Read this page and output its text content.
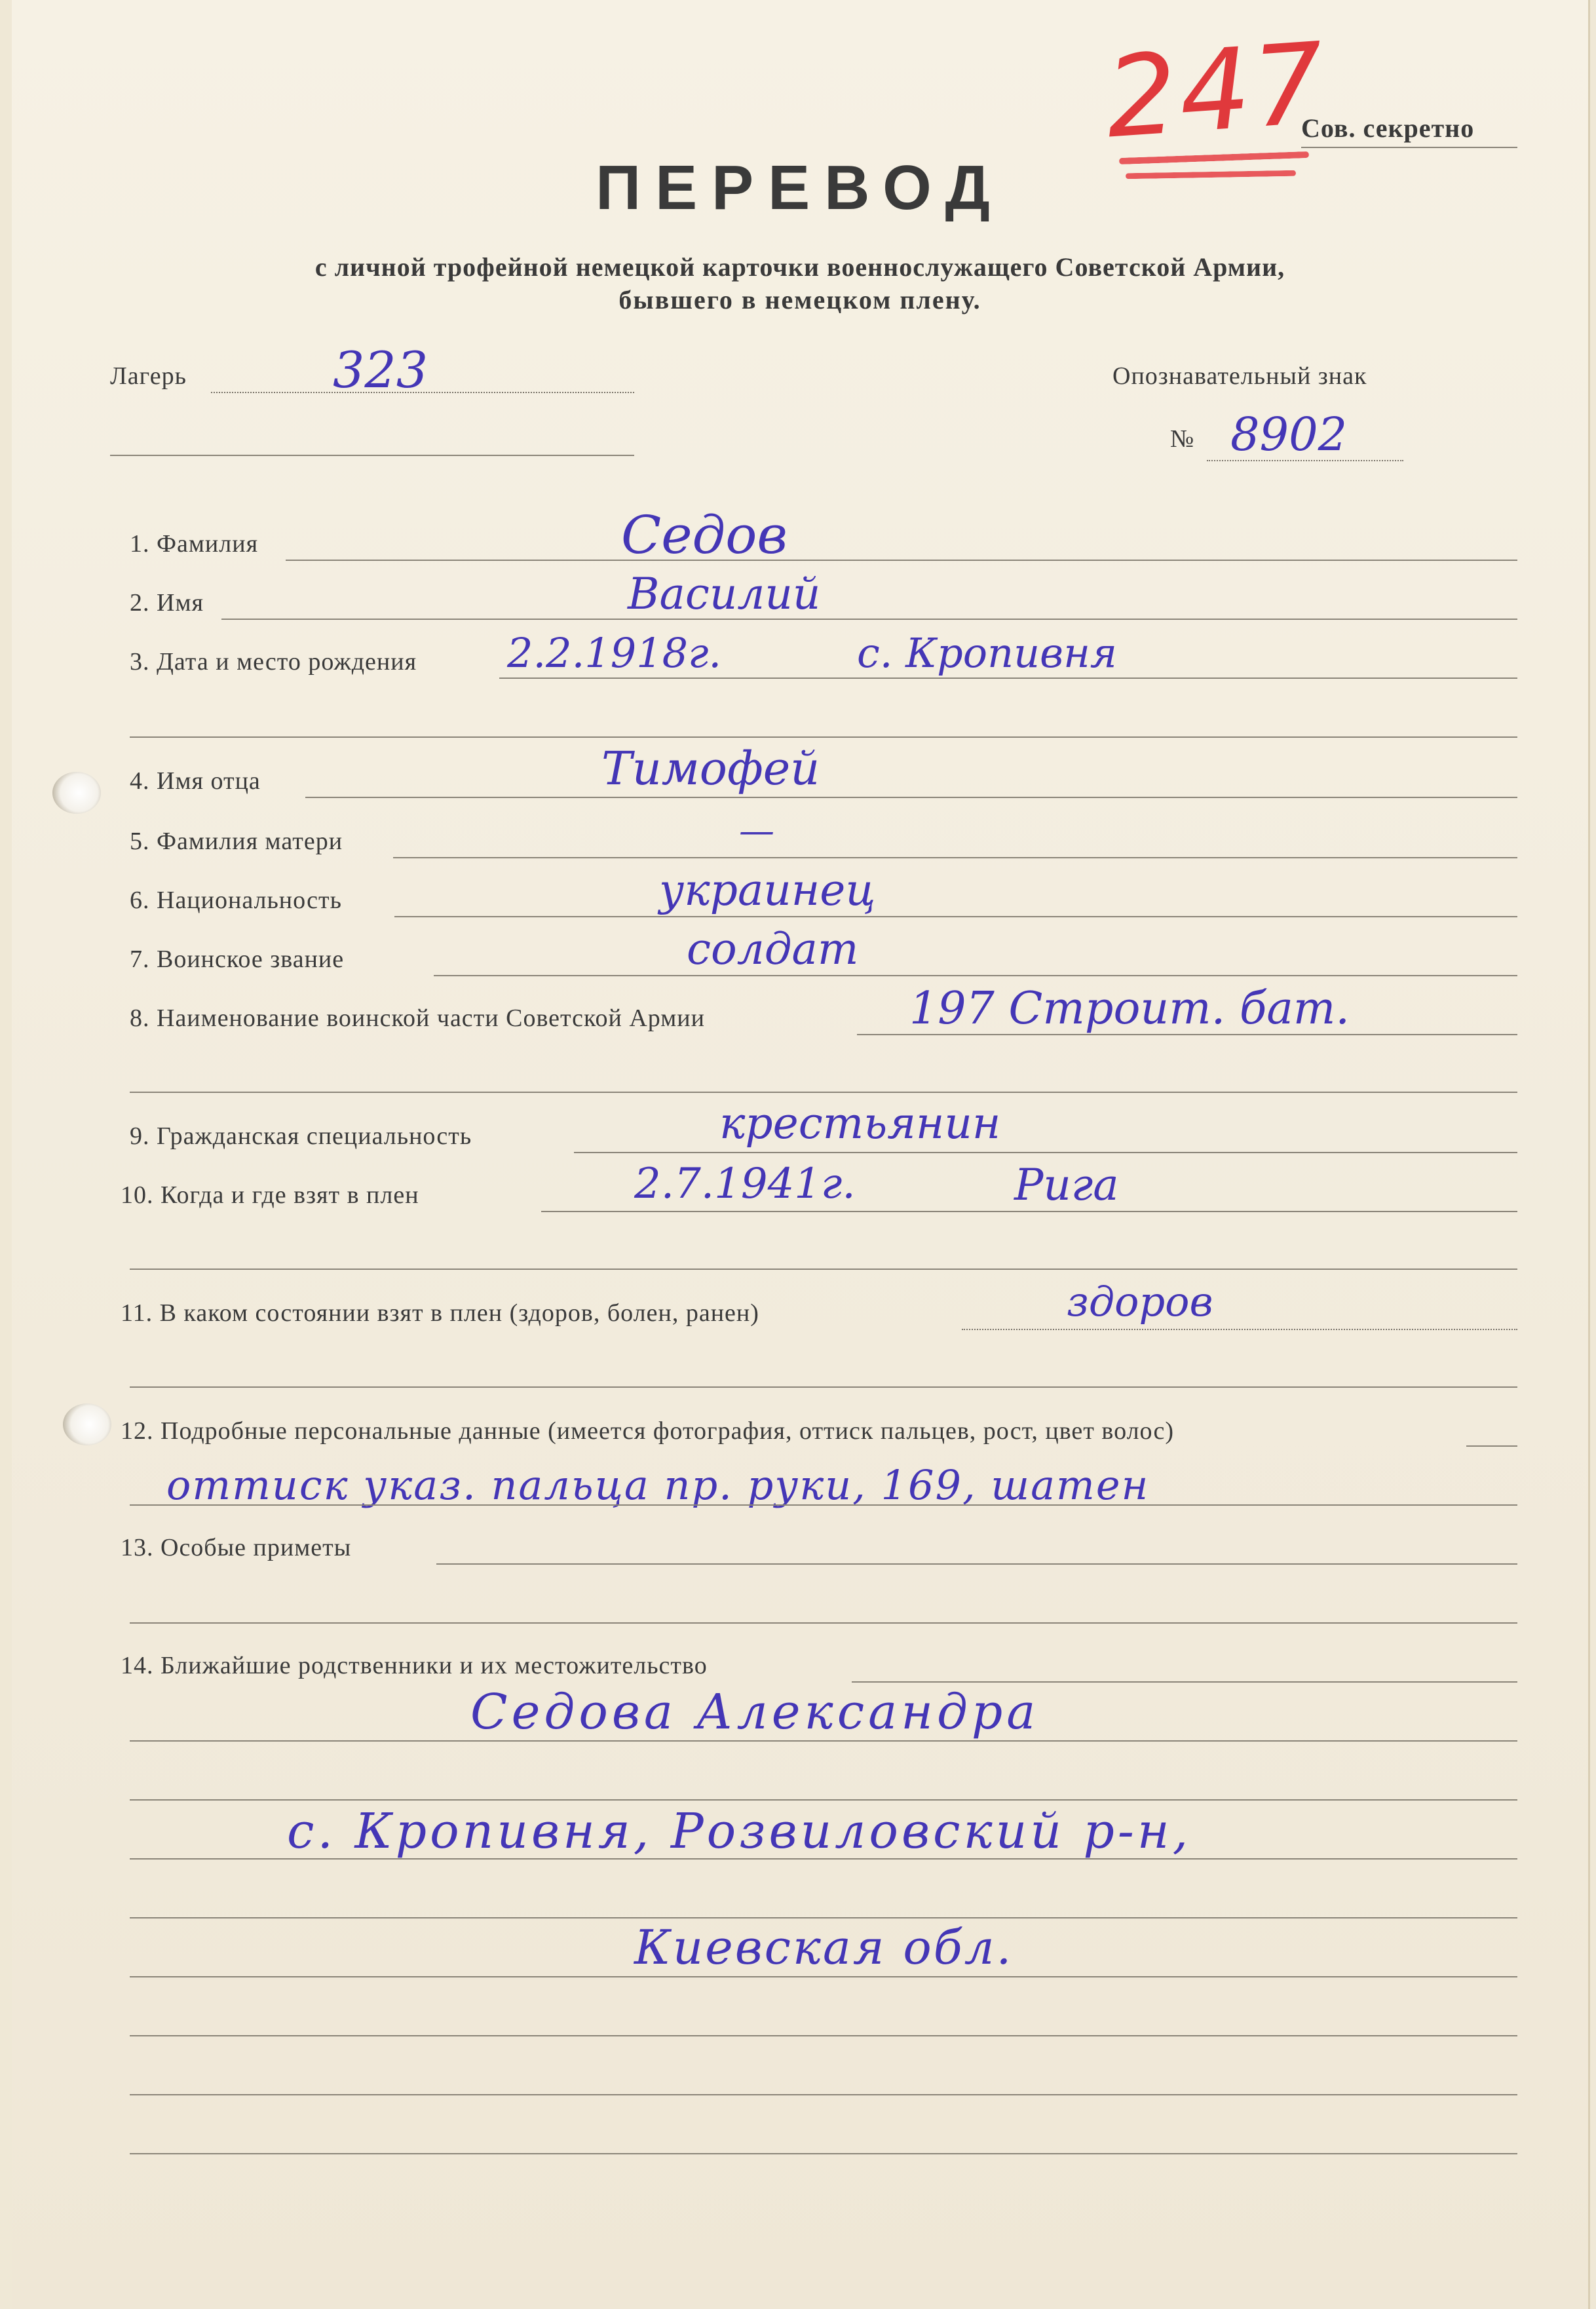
247
Сов. секретно
ПЕРЕВОД
с личной трофейной немецкой карточки военнослужащего Советской Армии,
бывшего в немецком плену.
Лагерь	323	Опознавательный знак
№ 8902
1. Фамилия	Седов
2. Имя	Василий
3. Дата и место рождения 2.2.1918г.	с. Кропивня
4. Имя отца	Тимофей
5. Фамилия матери	—
6. Национальность	украинец
7. Воинское звание	солдат
8. Наименование воинской части Советской Армии	197 Строит. бат.
9. Гражданская специальность	крестьянин
10. Когда и где взят в плен	2.7.1941г.	Рига
11. В каком состоянии взят в плен (здоров, болен, ранен)	здоров
12. Подробные персональные данные (имеется фотография, оттиск пальцев, рост, цвет волос)
оттиск указ. пальца пр. руки, 169, шатен
13. Особые приметы
14. Ближайшие родственники и их местожительство
Седова Александра
с. Кропивня, Розвиловский р-н,
Киевская обл.
